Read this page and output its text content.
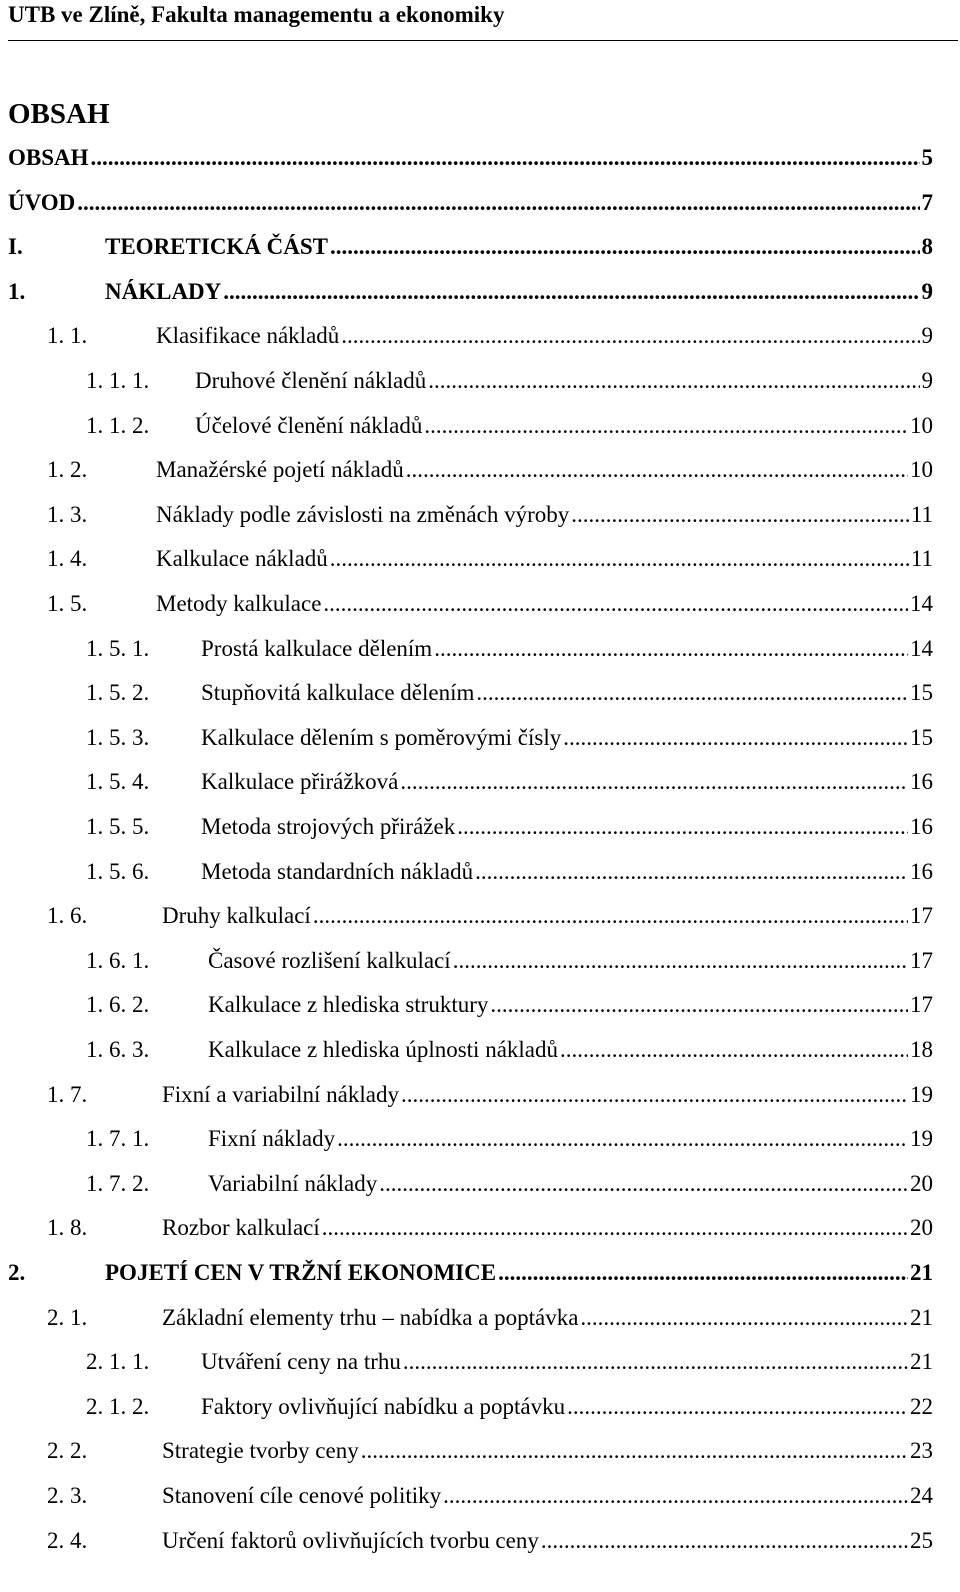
UTB ve Zlíně, Fakulta managementu a ekonomiky
OBSAH
OBSAH .....	5
ÚVOD .....	7
I.	TEORETICKÁ ČÁST .....	8
1.	NÁKLADY .....	9
1. 1.	Klasifikace nákladů .....	9
1. 1. 1.	Druhové členění nákladů .....	9
1. 1. 2.	Účelové členění nákladů .....	10
1. 2.	Manažérské pojetí nákladů .....	10
1. 3.	Náklady podle závislosti na změnách výroby .....	11
1. 4.	Kalkulace nákladů .....	11
1. 5.	Metody kalkulace .....	14
1. 5. 1.	Prostá kalkulace dělením .....	14
1. 5. 2.	Stupňovitá kalkulace dělením .....	15
1. 5. 3.	Kalkulace dělením s poměrovými čísly .....	15
1. 5. 4.	Kalkulace přirážková .....	16
1. 5. 5.	Metoda strojových přirážek .....	16
1. 5. 6.	Metoda standardních nákladů .....	16
1. 6.	Druhy kalkulací .....	17
1. 6. 1.	Časové rozlišení kalkulací .....	17
1. 6. 2.	Kalkulace z hlediska struktury .....	17
1. 6. 3.	Kalkulace z hlediska úplnosti nákladů .....	18
1. 7.	Fixní a variabilní náklady .....	19
1. 7. 1.	Fixní náklady .....	19
1. 7. 2.	Variabilní náklady .....	20
1. 8.	Rozbor kalkulací .....	20
2.	POJETÍ CEN V TRŽNÍ EKONOMICE .....	21
2. 1.	Základní elementy trhu – nabídka a poptávka .....	21
2. 1. 1.	Utváření ceny na trhu .....	21
2. 1. 2.	Faktory ovlivňující nabídku a poptávku .....	22
2. 2.	Strategie tvorby ceny .....	23
2. 3.	Stanovení cíle cenové politiky .....	24
2. 4.	Určení faktorů ovlivňujících tvorbu ceny .....	25
